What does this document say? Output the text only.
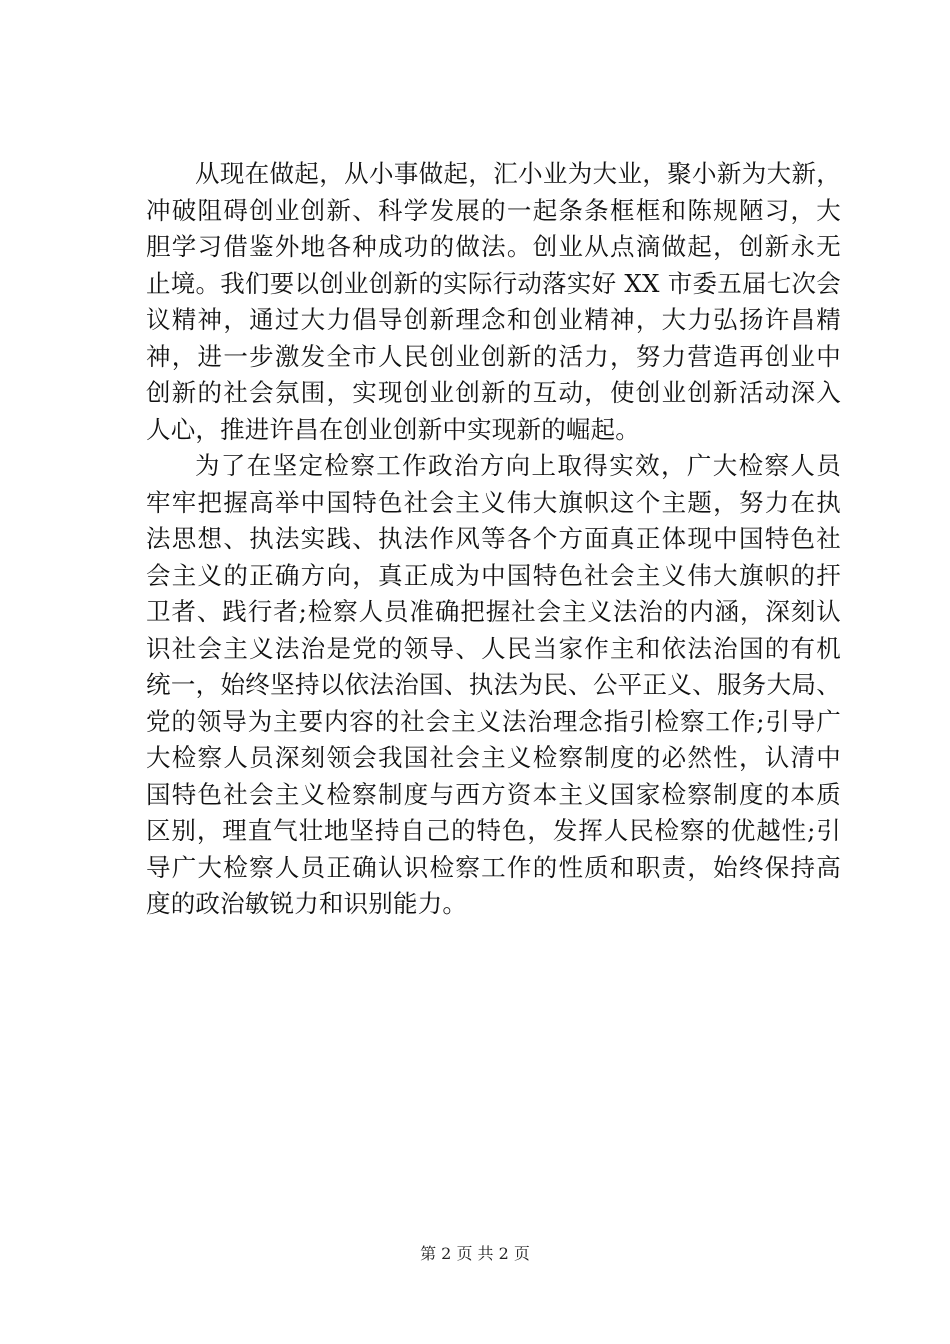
从现在做起，从小事做起，汇小业为大业，聚小新为大新，
冲破阻碍创业创新、科学发展的一起条条框框和陈规陋习，大
胆学习借鉴外地各种成功的做法。创业从点滴做起，创新永无
止境。我们要以创业创新的实际行动落实好 XX 市委五届七次会
议精神，通过大力倡导创新理念和创业精神，大力弘扬许昌精
神，进一步激发全市人民创业创新的活力，努力营造再创业中
创新的社会氛围，实现创业创新的互动，使创业创新活动深入
人心，推进许昌在创业创新中实现新的崛起。
为了在坚定检察工作政治方向上取得实效，广大检察人员
牢牢把握高举中国特色社会主义伟大旗帜这个主题，努力在执
法思想、执法实践、执法作风等各个方面真正体现中国特色社
会主义的正确方向，真正成为中国特色社会主义伟大旗帜的扞
卫者、践行者;检察人员准确把握社会主义法治的内涵，深刻认
识社会主义法治是党的领导、人民当家作主和依法治国的有机
统一，始终坚持以依法治国、执法为民、公平正义、服务大局、
党的领导为主要内容的社会主义法治理念指引检察工作;引导广
大检察人员深刻领会我国社会主义检察制度的必然性，认清中
国特色社会主义检察制度与西方资本主义国家检察制度的本质
区别，理直气壮地坚持自己的特色，发挥人民检察的优越性;引
导广大检察人员正确认识检察工作的性质和职责，始终保持高
度的政治敏锐力和识别能力。
第 2 页 共 2 页
